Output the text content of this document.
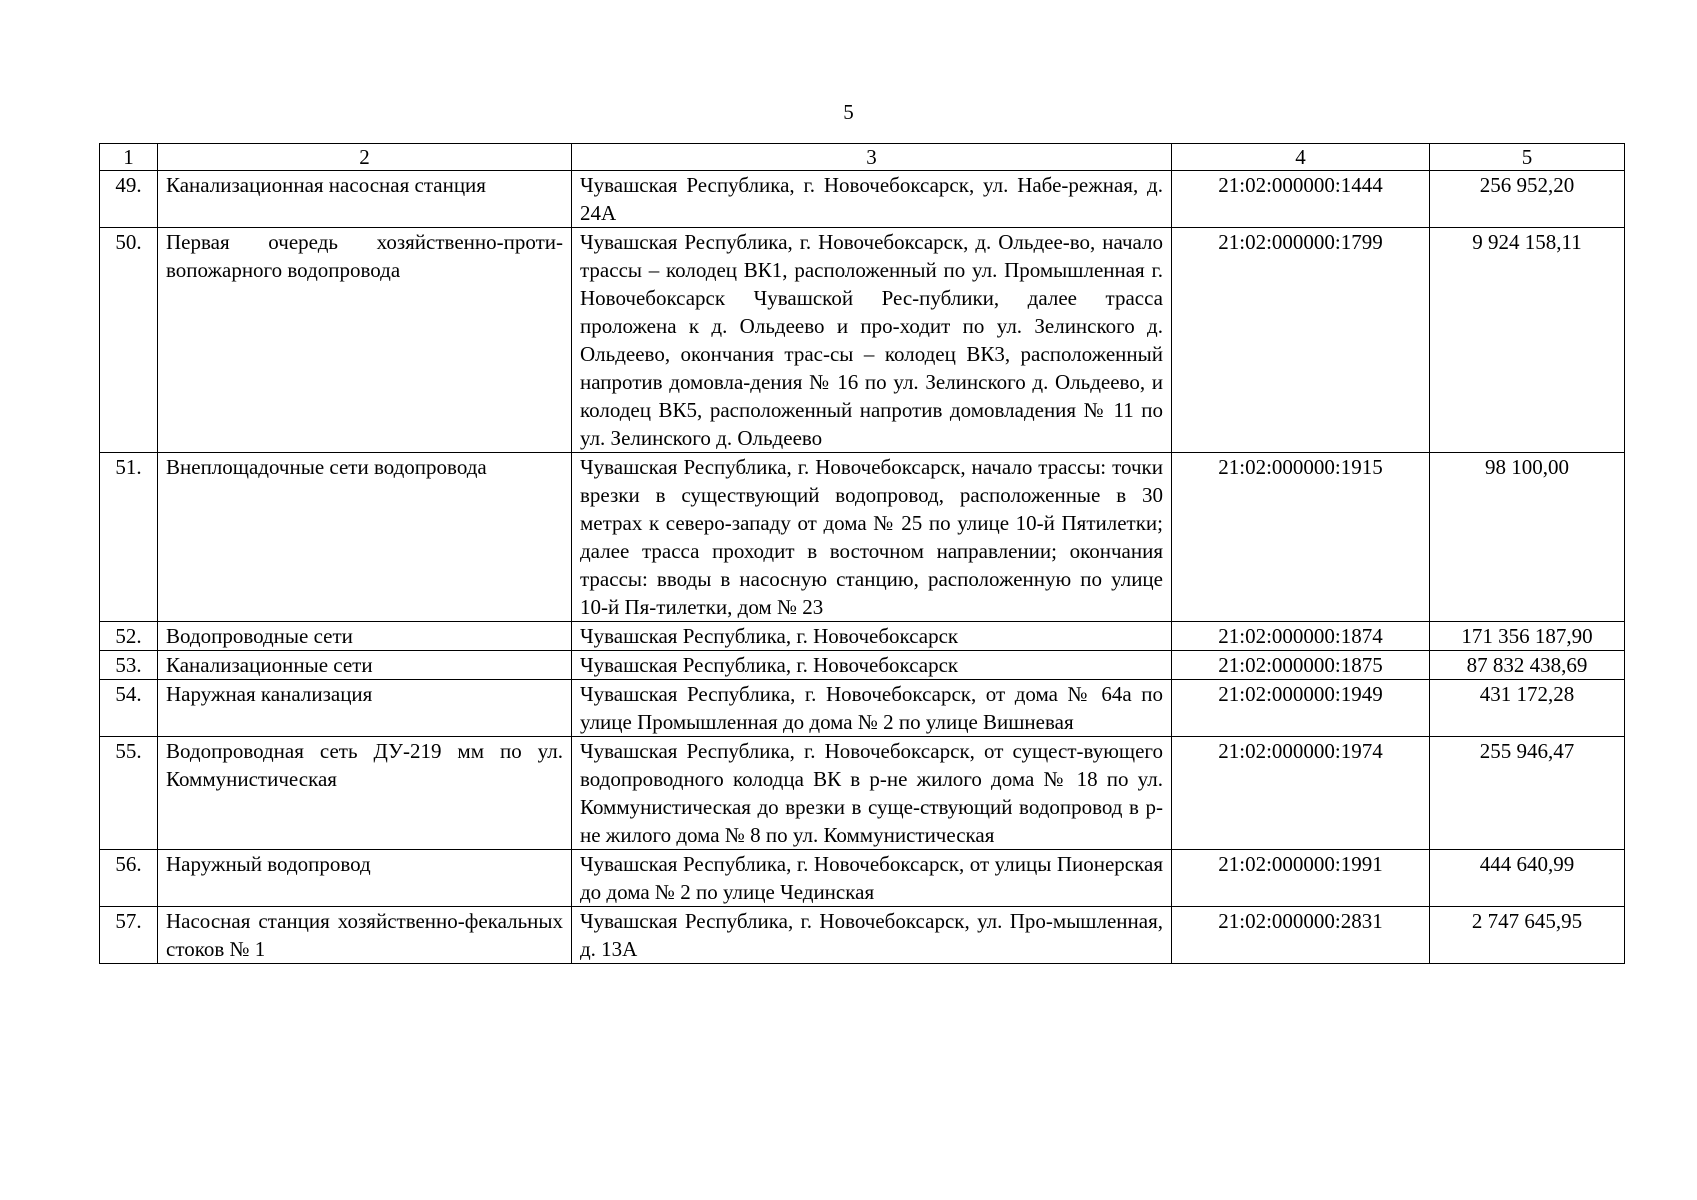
5
1	2	3	4	5
49.	Канализационная насосная станция	Чувашская Республика, г. Новочебоксарск, ул. Набе-режная, д. 24А	21:02:000000:1444	256 952,20
50.	Первая очередь хозяйственно-проти-вопожарного водопровода	Чувашская Республика, г. Новочебоксарск, д. Ольдее-во, начало трассы – колодец ВК1, расположенный по ул. Промышленная г. Новочебоксарск Чувашской Рес-публики, далее трасса проложена к д. Ольдеево и про-ходит по ул. Зелинского д. Ольдеево, окончания трас-сы – колодец ВК3, расположенный напротив домовла-дения № 16 по ул. Зелинского д. Ольдеево, и колодец ВК5, расположенный напротив домовладения № 11 по ул. Зелинского д. Ольдеево	21:02:000000:1799	9 924 158,11
51.	Внеплощадочные сети водопровода	Чувашская Республика, г. Новочебоксарск, начало трассы: точки врезки в существующий водопровод, расположенные в 30 метрах к северо-западу от дома № 25 по улице 10-й Пятилетки; далее трасса проходит в восточном направлении; окончания трассы: вводы в насосную станцию, расположенную по улице 10-й Пя-тилетки, дом № 23	21:02:000000:1915	98 100,00
52.	Водопроводные сети	Чувашская Республика, г. Новочебоксарск	21:02:000000:1874	171 356 187,90
53.	Канализационные сети	Чувашская Республика, г. Новочебоксарск	21:02:000000:1875	87 832 438,69
54.	Наружная канализация	Чувашская Республика, г. Новочебоксарск, от дома № 64а по улице Промышленная до дома № 2 по улице Вишневая	21:02:000000:1949	431 172,28
55.	Водопроводная сеть ДУ-219 мм по ул. Коммунистическая	Чувашская Республика, г. Новочебоксарск, от сущест-вующего водопроводного колодца ВК в р-не жилого дома № 18 по ул. Коммунистическая до врезки в суще-ствующий водопровод в р-не жилого дома № 8 по ул. Коммунистическая	21:02:000000:1974	255 946,47
56.	Наружный водопровод	Чувашская Республика, г. Новочебоксарск, от улицы Пионерская до дома № 2 по улице Чединская	21:02:000000:1991	444 640,99
57.	Насосная станция хозяйственно-фекальных стоков № 1	Чувашская Республика, г. Новочебоксарск, ул. Про-мышленная, д. 13А	21:02:000000:2831	2 747 645,95
